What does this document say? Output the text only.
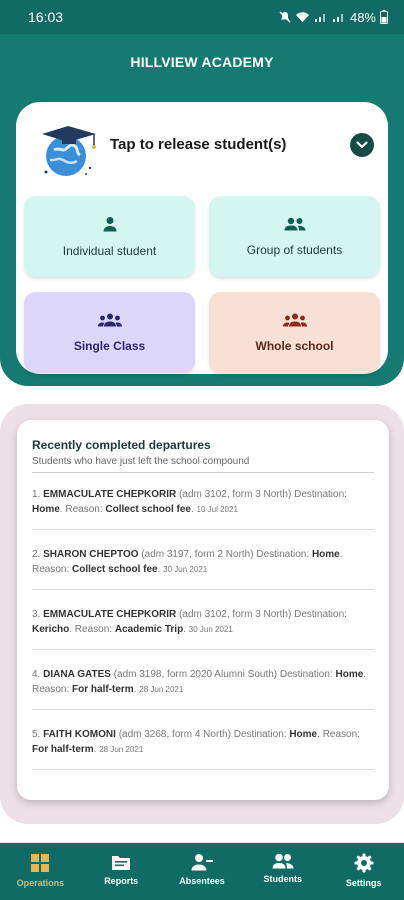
16:03	48%
HILLVIEW ACADEMY
Tap to release student(s)
Individual student	Group of students
Single Class	Whole school
Recently completed departures
Students who have just left the school compound
1. EMMACULATE CHEPKORIR (adm 3102, form 3 North) Destination: Home. Reason: Collect school fee. 10 Jul 2021
2. SHARON CHEPTOO (adm 3197, form 2 North) Destination: Home. Reason: Collect school fee. 30 Jun 2021
3. EMMACULATE CHEPKORIR (adm 3102, form 3 North) Destination: Kericho. Reason: Academic Trip. 30 Jun 2021
4. DIANA GATES (adm 3198, form 2020 Alumni South) Destination: Home. Reason: For half-term. 28 Jun 2021
5. FAITH KOMONI (adm 3268, form 4 North) Destination: Home. Reason: For half-term. 28 Jun 2021
Operations	Reports	Absentees	Students	Settings
